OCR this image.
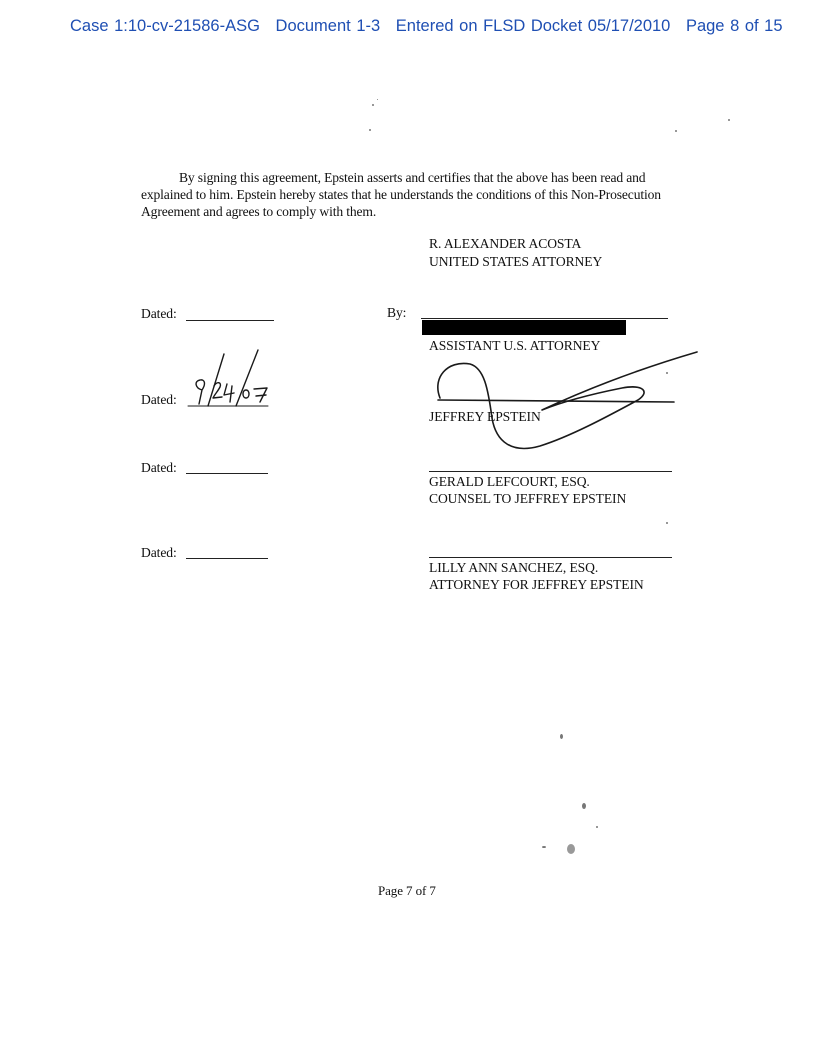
Case 1:10-cv-21586-ASG Document 1-3 Entered on FLSD Docket 05/17/2010 Page 8 of 15
By signing this agreement, Epstein asserts and certifies that the above has been read and explained to him. Epstein hereby states that he understands the conditions of this Non-Prosecution Agreement and agrees to comply with them.
R. ALEXANDER ACOSTA
UNITED STATES ATTORNEY
Dated:	By:
ASSISTANT U.S. ATTORNEY
Dated:
JEFFREY EPSTEIN
Dated:
GERALD LEFCOURT, ESQ.
COUNSEL TO JEFFREY EPSTEIN
Dated:
LILLY ANN SANCHEZ, ESQ.
ATTORNEY FOR JEFFREY EPSTEIN
Page 7 of 7
